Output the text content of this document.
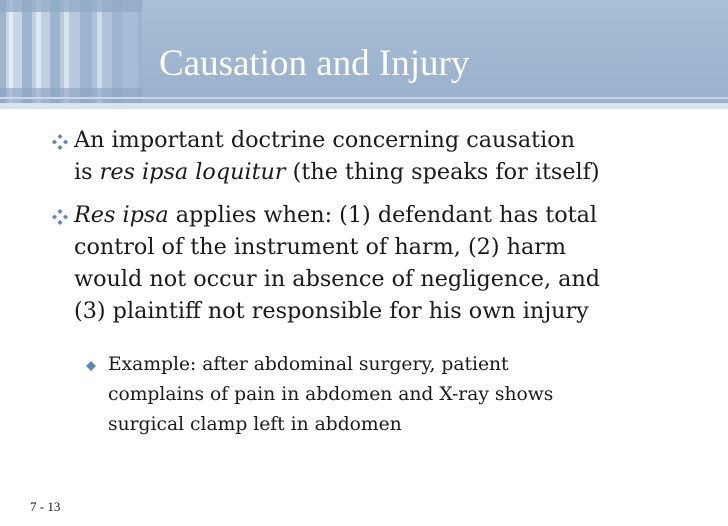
Causation and Injury
An important doctrine concerning causation
is res ipsa loquitur (the thing speaks for itself)
Res ipsa applies when: (1) defendant has total
control of the instrument of harm, (2) harm
would not occur in absence of negligence, and
(3) plaintiff not responsible for his own injury
Example: after abdominal surgery, patient
complains of pain in abdomen and X-ray shows
surgical clamp left in abdomen
7 - 13
